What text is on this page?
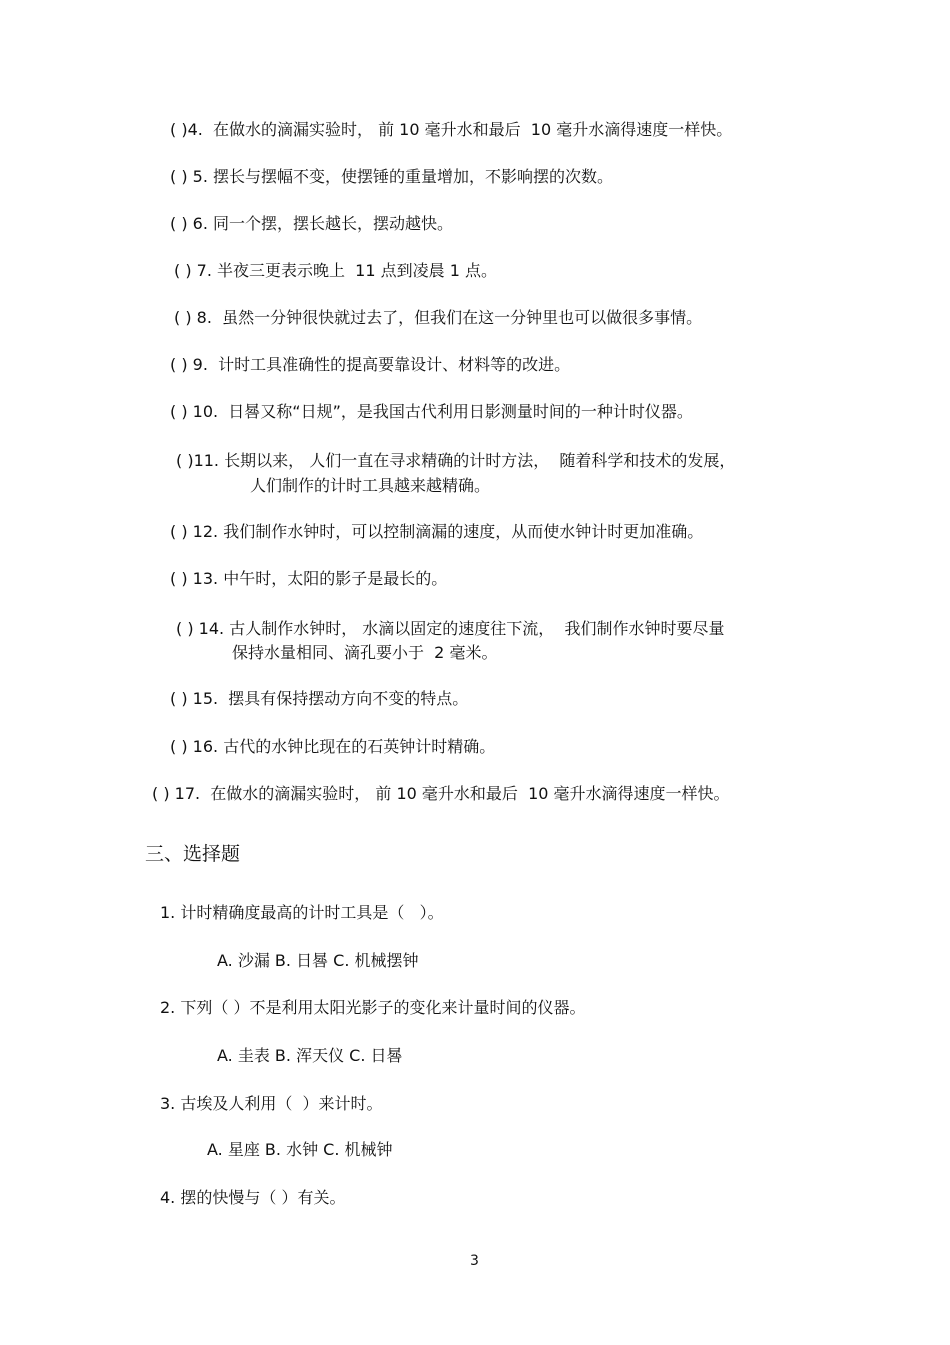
( )4.  在做水的滴漏实验时， 前 10 毫升水和最后  10 毫升水滴得速度一样快。
( ) 5. 摆长与摆幅不变，使摆锤的重量增加，不影响摆的次数。
( ) 6. 同一个摆，摆长越长，摆动越快。
( ) 7. 半夜三更表示晚上  11 点到凌晨 1 点。
( ) 8.  虽然一分钟很快就过去了，但我们在这一分钟里也可以做很多事情。
( ) 9.  计时工具准确性的提高要靠设计、材料等的改进。
( ) 10.  日晷又称“日规”，是我国古代利用日影测量时间的一种计时仪器。
( )11. 长期以来， 人们一直在寻求精确的计时方法，  随着科学和技术的发展，
人们制作的计时工具越来越精确。
( ) 12. 我们制作水钟时，可以控制滴漏的速度，从而使水钟计时更加准确。
( ) 13. 中午时，太阳的影子是最长的。
( ) 14. 古人制作水钟时， 水滴以固定的速度往下流，  我们制作水钟时要尽量
保持水量相同、滴孔要小于  2 毫米。
( ) 15.  摆具有保持摆动方向不变的特点。
( ) 16. 古代的水钟比现在的石英钟计时精确。
( ) 17.  在做水的滴漏实验时， 前 10 毫升水和最后  10 毫升水滴得速度一样快。
三、选择题
1. 计时精确度最高的计时工具是（   ）。
A. 沙漏 B. 日晷 C. 机械摆钟
2. 下列（ ）不是利用太阳光影子的变化来计量时间的仪器。
A. 圭表 B. 浑天仪 C. 日晷
3. 古埃及人利用（  ）来计时。
A. 星座 B. 水钟 C. 机械钟
4. 摆的快慢与（ ）有关。
3
